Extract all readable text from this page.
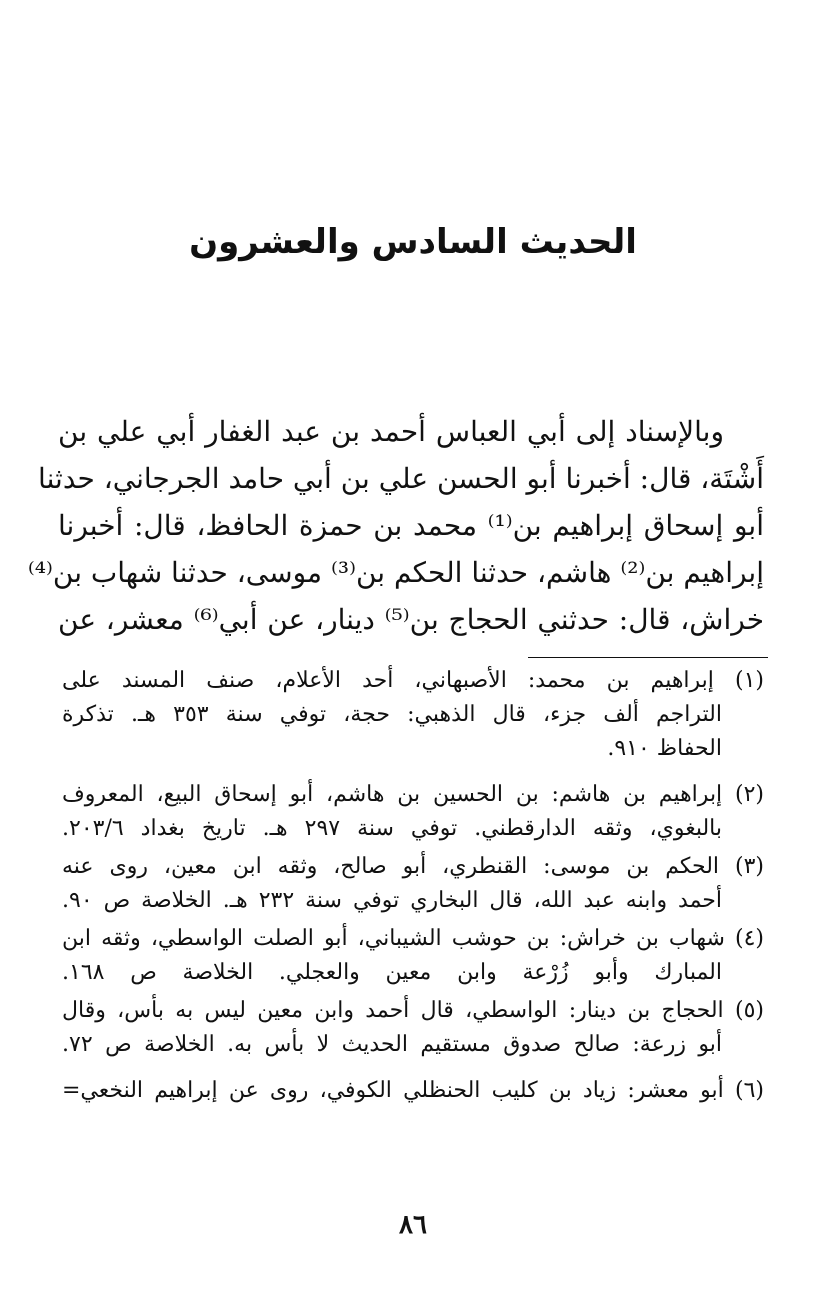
الحديث السادس والعشرون
وبالإسناد إلى أبي العباس أحمد بن عبد الغفار أبي علي بن
أَشْتَة، قال: أخبرنا أبو الحسن علي بن أبي حامد الجرجاني، حدثنا
أبو إسحاق إبراهيم بن⁽¹⁾ محمد بن حمزة الحافظ، قال: أخبرنا
إبراهيم بن⁽²⁾ هاشم، حدثنا الحكم بن⁽³⁾ موسى، حدثنا شهاب بن⁽⁴⁾
خراش، قال: حدثني الحجاج بن⁽⁵⁾ دينار، عن أبي⁽⁶⁾ معشر، عن
(١) إبراهيم بن محمد: الأصبهاني، أحد الأعلام، صنف المسند على
التراجم ألف جزء، قال الذهبي: حجة، توفي سنة ٣٥٣ هـ. تذكرة
الحفاظ ٩١٠.
(٢) إبراهيم بن هاشم: بن الحسين بن هاشم، أبو إسحاق البيع، المعروف
بالبغوي، وثقه الدارقطني. توفي سنة ٢٩٧ هـ. تاريخ بغداد ٢٠٣/٦.
(٣) الحكم بن موسى: القنطري، أبو صالح، وثقه ابن معين، روى عنه
أحمد وابنه عبد الله، قال البخاري توفي سنة ٢٣٢ هـ. الخلاصة ص ٩٠.
(٤) شهاب بن خراش: بن حوشب الشيباني، أبو الصلت الواسطي، وثقه ابن
المبارك وأبو زُرْعة وابن معين والعجلي. الخلاصة ص ١٦٨.
(٥) الحجاج بن دينار: الواسطي، قال أحمد وابن معين ليس به بأس، وقال
أبو زرعة: صالح صدوق مستقيم الحديث لا بأس به. الخلاصة ص ٧٢.
(٦) أبو معشر: زياد بن كليب الحنظلي الكوفي، روى عن إبراهيم النخعي=
٨٦
